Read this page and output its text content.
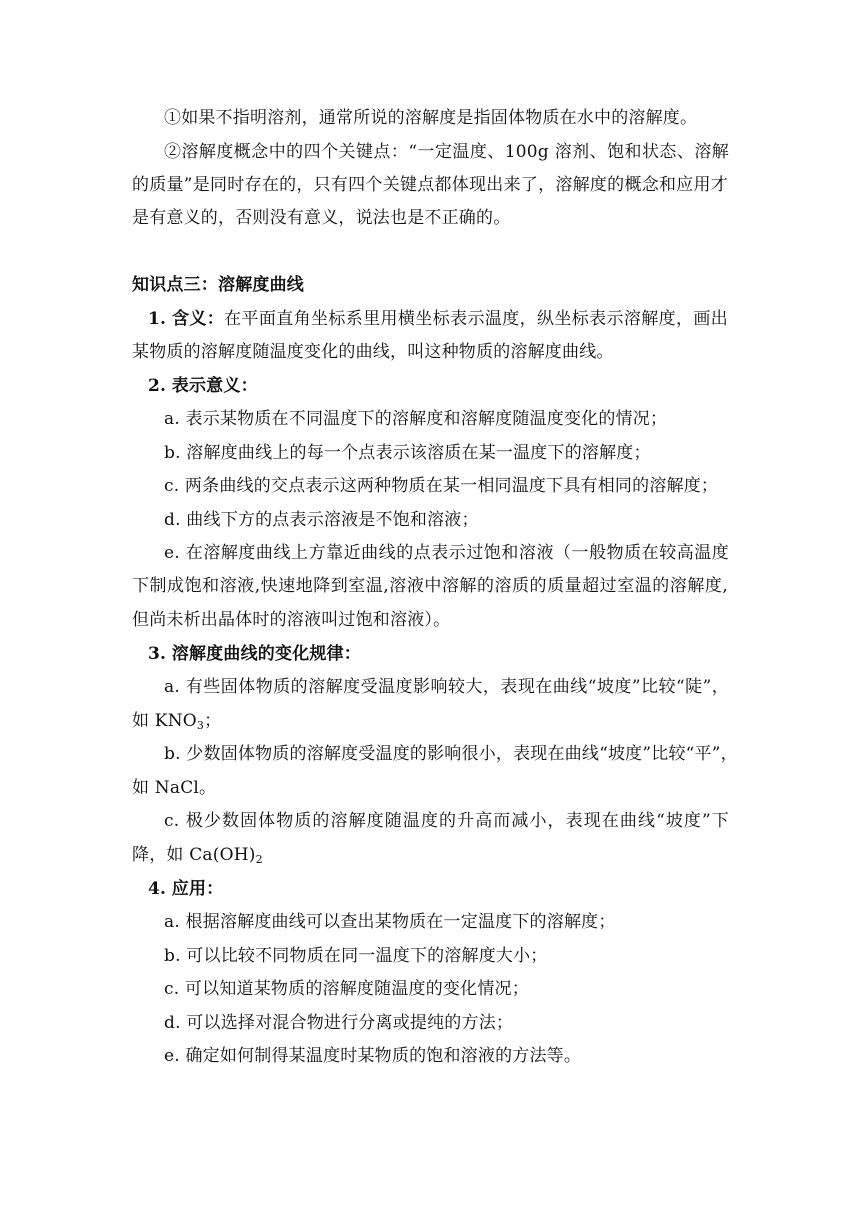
①如果不指明溶剂，通常所说的溶解度是指固体物质在水中的溶解度。
②溶解度概念中的四个关键点：“一定温度、100g 溶剂、饱和状态、溶解
的质量”是同时存在的，只有四个关键点都体现出来了，溶解度的概念和应用才
是有意义的，否则没有意义，说法也是不正确的。
知识点三：溶解度曲线
1. 含义：在平面直角坐标系里用横坐标表示温度，纵坐标表示溶解度，画出
某物质的溶解度随温度变化的曲线，叫这种物质的溶解度曲线。
2. 表示意义：
a. 表示某物质在不同温度下的溶解度和溶解度随温度变化的情况；
b. 溶解度曲线上的每一个点表示该溶质在某一温度下的溶解度；
c. 两条曲线的交点表示这两种物质在某一相同温度下具有相同的溶解度；
d. 曲线下方的点表示溶液是不饱和溶液；
e. 在溶解度曲线上方靠近曲线的点表示过饱和溶液（一般物质在较高温度
下制成饱和溶液,快速地降到室温,溶液中溶解的溶质的质量超过室温的溶解度,
但尚未析出晶体时的溶液叫过饱和溶液）。
3. 溶解度曲线的变化规律：
a. 有些固体物质的溶解度受温度影响较大，表现在曲线“坡度”比较“陡”，
如 $KNO_3$；
b. 少数固体物质的溶解度受温度的影响很小，表现在曲线“坡度”比较“平”，
如 NaCl。
c. 极少数固体物质的溶解度随温度的升高而减小，表现在曲线“坡度”下
降，如 $Ca(OH)_2$
4. 应用：
a. 根据溶解度曲线可以查出某物质在一定温度下的溶解度；
b. 可以比较不同物质在同一温度下的溶解度大小；
c. 可以知道某物质的溶解度随温度的变化情况；
d. 可以选择对混合物进行分离或提纯的方法；
e. 确定如何制得某温度时某物质的饱和溶液的方法等。
